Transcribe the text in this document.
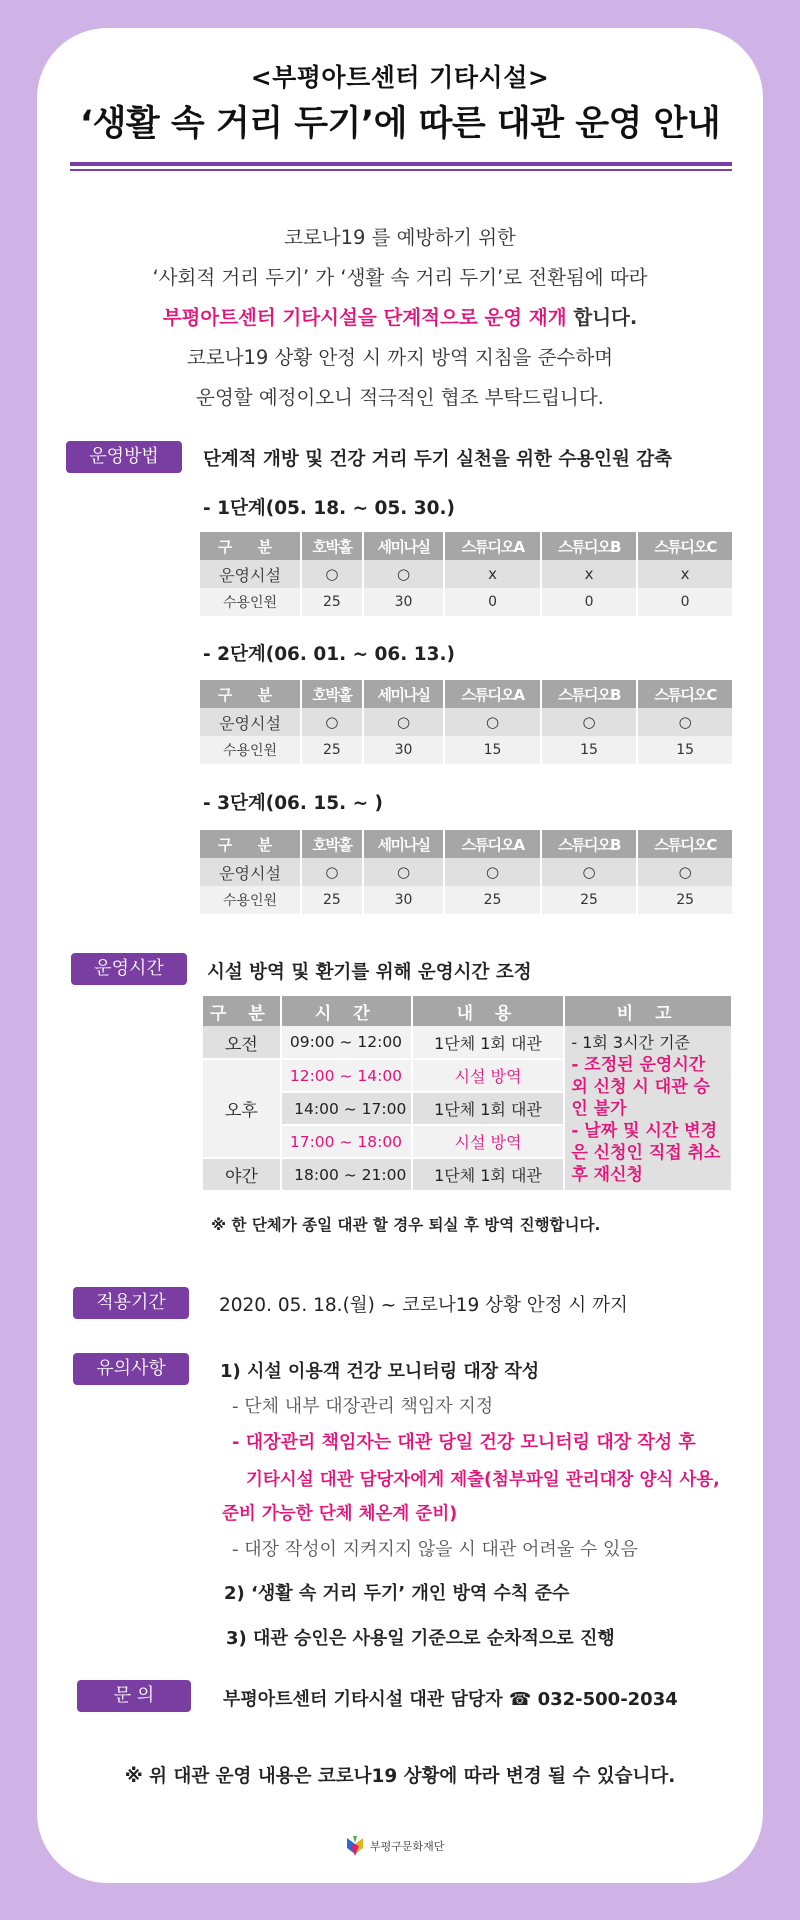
<부평아트센터 기타시설>
‘생활 속 거리 두기’에 따른 대관 운영 안내
코로나19 를 예방하기 위한
‘사회적 거리 두기’ 가 ‘생활 속 거리 두기’로 전환됨에 따라
부평아트센터 기타시설을 단계적으로 운영 재개 합니다.
코로나19 상황 안정 시 까지 방역 지침을 준수하며
운영할 예정이오니 적극적인 협조 부탁드립니다.
운영방법	단계적 개방 및 건강 거리 두기 실천을 위한 수용인원 감축
- 1단계(05. 18. ~ 05. 30.)
구 분	호박홀	세미나실	스튜디오A	스튜디오B	스튜디오C
운영시설	○	○	x	x	x
수용인원	25	30	0	0	0
- 2단계(06. 01. ~ 06. 13.)
구 분	호박홀	세미나실	스튜디오A	스튜디오B	스튜디오C
운영시설	○	○	○	○	○
수용인원	25	30	15	15	15
- 3단계(06. 15. ~ )
구 분	호박홀	세미나실	스튜디오A	스튜디오B	스튜디오C
운영시설	○	○	○	○	○
수용인원	25	30	25	25	25
운영시간	시설 방역 및 환기를 위해 운영시간 조정
구 분	시 간	내 용	비 고
오전	09:00 ~ 12:00	1단체 1회 대관	- 1회 3시간 기준
- 조정된 운영시간 외 신청 시 대관 승인 불가
- 날짜 및 시간 변경은 신청인 직접 취소 후 재신청

오후	12:00 ~ 14:00	시설 방역	
	14:00 ~ 17:00	1단체 1회 대관	
	17:00 ~ 18:00	시설 방역	
야간	18:00 ~ 21:00	1단체 1회 대관	
※ 한 단체가 종일 대관 할 경우 퇴실 후 방역 진행합니다.
적용기간	2020. 05. 18.(월) ~ 코로나19 상황 안정 시 까지
유의사항	1) 시설 이용객 건강 모니터링 대장 작성
- 단체 내부 대장관리 책임자 지정
- 대장관리 책임자는 대관 당일 건강 모니터링 대장 작성 후
기타시설 대관 담당자에게 제출(첨부파일 관리대장 양식 사용,
준비 가능한 단체 체온계 준비)
- 대장 작성이 지켜지지 않을 시 대관 어려울 수 있음
2) ‘생활 속 거리 두기’ 개인 방역 수칙 준수
3) 대관 승인은 사용일 기준으로 순차적으로 진행
문 의	부평아트센터 기타시설 대관 담당자 ☎ 032-500-2034
※ 위 대관 운영 내용은 코로나19 상황에 따라 변경 될 수 있습니다.
부평구문화재단
